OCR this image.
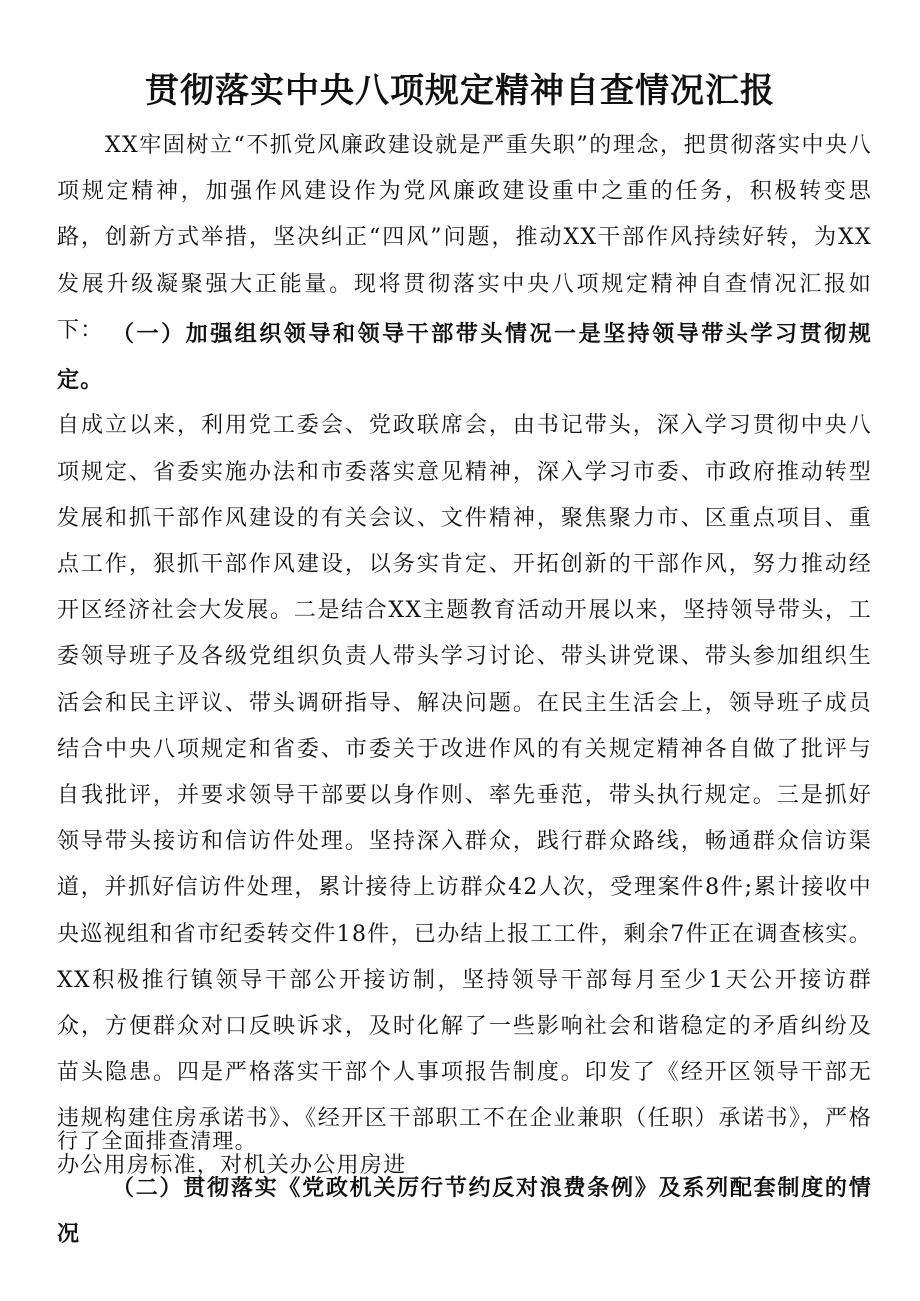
贯彻落实中央八项规定精神自查情况汇报

XX牢固树立“不抓党风廉政建设就是严重失职”的理念，把贯彻落实中央八项规定精神，加强作风建设作为党风廉政建设重中之重的任务，积极转变思路，创新方式举措，坚决纠正“四风”问题，推动XX干部作风持续好转，为XX发展升级凝聚强大正能量。现将贯彻落实中央八项规定精神自查情况汇报如下： （一）加强组织领导和领导干部带头情况一是坚持领导带头学习贯彻规定。
自成立以来，利用党工委会、党政联席会，由书记带头，深入学习贯彻中央八项规定、省委实施办法和市委落实意见精神，深入学习市委、市政府推动转型发展和抓干部作风建设的有关会议、文件精神，聚焦聚力市、区重点项目、重点工作，狠抓干部作风建设，以务实肯定、开拓创新的干部作风，努力推动经开区经济社会大发展。二是结合XX主题教育活动开展以来，坚持领导带头，工委领导班子及各级党组织负责人带头学习讨论、带头讲党课、带头参加组织生活会和民主评议、带头调研指导、解决问题。在民主生活会上，领导班子成员结合中央八项规定和省委、市委关于改进作风的有关规定精神各自做了批评与自我批评，并要求领导干部要以身作则、率先垂范，带头执行规定。三是抓好领导带头接访和信访件处理。坚持深入群众，践行群众路线，畅通群众信访渠道，并抓好信访件处理，累计接待上访群众42人次，受理案件8件;累计接收中央巡视组和省市纪委转交件18件，已办结上报工工件，剩余7件正在调查核实。XX积极推行镇领导干部公开接访制，坚持领导干部每月至少1天公开接访群众，方便群众对口反映诉求，及时化解了一些影响社会和谐稳定的矛盾纠纷及苗头隐患。四是严格落实干部个人事项报告制度。印发了《经开区领导干部无违规构建住房承诺书》、《经开区干部职工不在企业兼职（任职）承诺书》，严格办公用房标准，对机关办公用房进

行了全面排查清理。

（二）贯彻落实《党政机关厉行节约反对浪费条例》及系列配套制度的情况
